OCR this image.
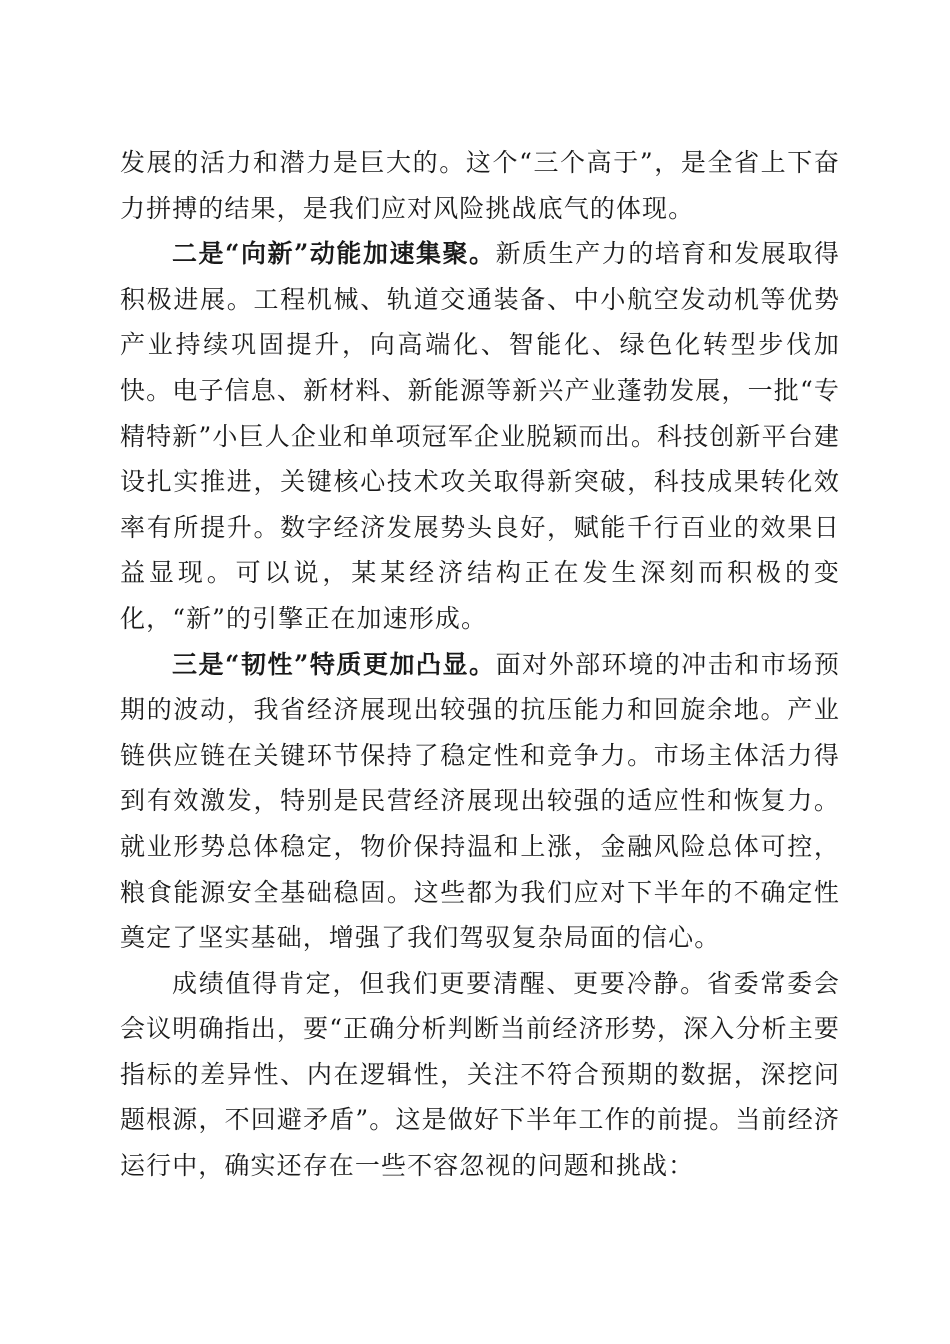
发展的活力和潜力是巨大的。这个“三个高于”，是全省上下奋力拼搏的结果，是我们应对风险挑战底气的体现。

二是“向新”动能加速集聚。新质生产力的培育和发展取得积极进展。工程机械、轨道交通装备、中小航空发动机等优势产业持续巩固提升，向高端化、智能化、绿色化转型步伐加快。电子信息、新材料、新能源等新兴产业蓬勃发展，一批“专精特新”小巨人企业和单项冠军企业脱颖而出。科技创新平台建设扎实推进，关键核心技术攻关取得新突破，科技成果转化效率有所提升。数字经济发展势头良好，赋能千行百业的效果日益显现。可以说，某某经济结构正在发生深刻而积极的变化，“新”的引擎正在加速形成。

三是“韧性”特质更加凸显。面对外部环境的冲击和市场预期的波动，我省经济展现出较强的抗压能力和回旋余地。产业链供应链在关键环节保持了稳定性和竞争力。市场主体活力得到有效激发，特别是民营经济展现出较强的适应性和恢复力。就业形势总体稳定，物价保持温和上涨，金融风险总体可控，粮食能源安全基础稳固。这些都为我们应对下半年的不确定性奠定了坚实基础，增强了我们驾驭复杂局面的信心。

成绩值得肯定，但我们更要清醒、更要冷静。省委常委会会议明确指出，要“正确分析判断当前经济形势，深入分析主要指标的差异性、内在逻辑性，关注不符合预期的数据，深挖问题根源，不回避矛盾”。这是做好下半年工作的前提。当前经济运行中，确实还存在一些不容忽视的问题和挑战：
